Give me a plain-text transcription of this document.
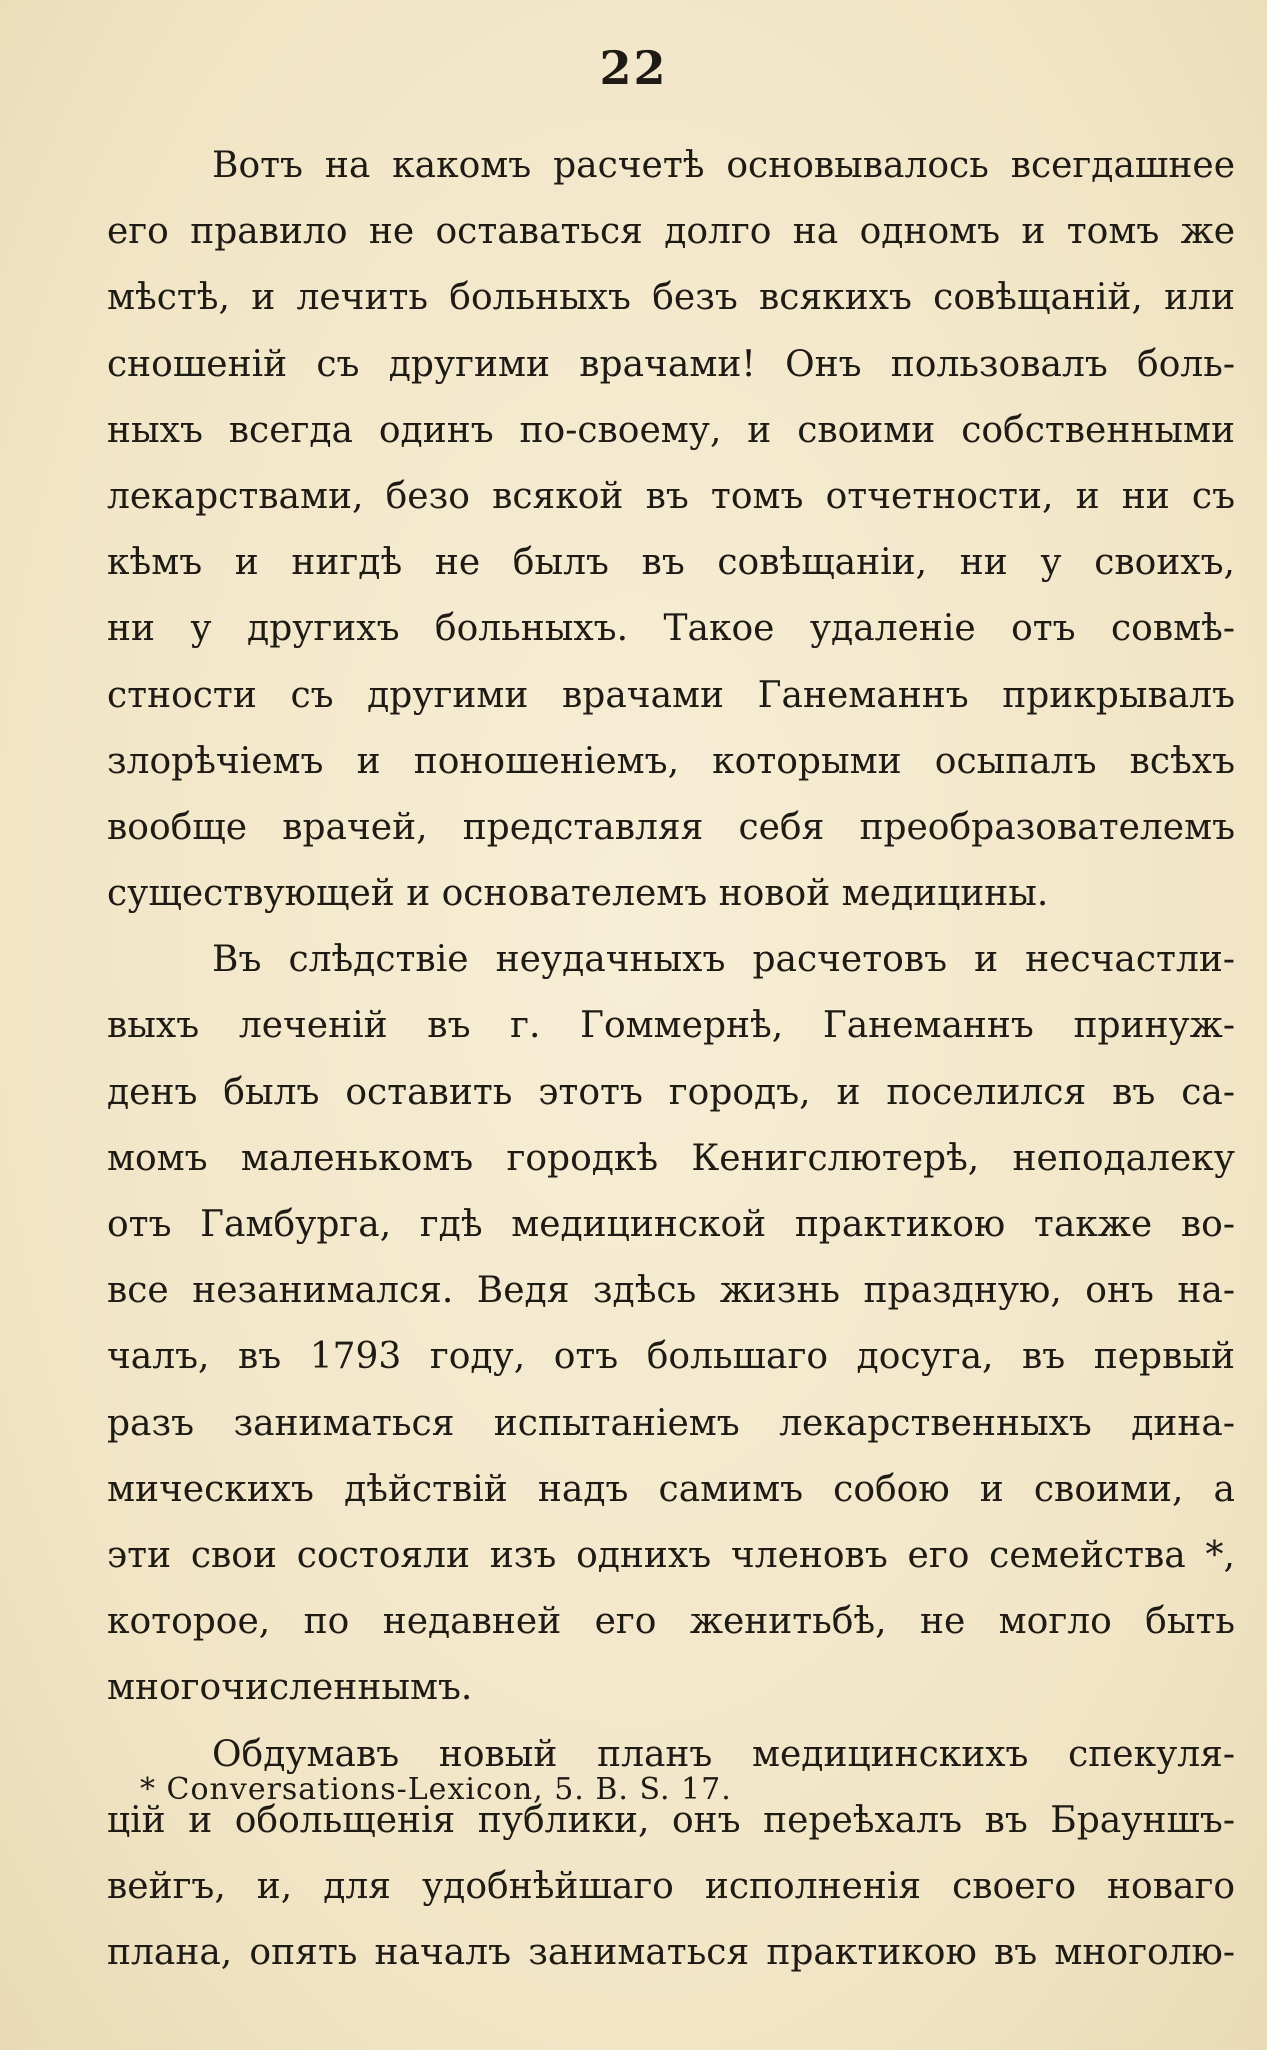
22
Вотъ на какомъ расчетѣ основывалось всегдашнее
его правило не оставаться долго на одномъ и томъ же
мѣстѣ, и лечить больныхъ безъ всякихъ совѣщаній, или
сношеній съ другими врачами! Онъ пользовалъ боль-
ныхъ всегда одинъ по-своему, и своими собственными
лекарствами, безо всякой въ томъ отчетности, и ни съ
кѣмъ и нигдѣ не былъ въ совѣщаніи, ни у своихъ,
ни у другихъ больныхъ. Такое удаленіе отъ совмѣ-
стности съ другими врачами Ганеманнъ прикрывалъ
злорѣчіемъ и поношеніемъ, которыми осыпалъ всѣхъ
вообще врачей, представляя себя преобразователемъ
существующей и основателемъ новой медицины.
Въ слѣдствіе неудачныхъ расчетовъ и несчастли-
выхъ леченій въ г. Гоммернѣ, Ганеманнъ принуж-
денъ былъ оставить этотъ городъ, и поселился въ са-
момъ маленькомъ городкѣ Кенигслютерѣ, неподалеку
отъ Гамбурга, гдѣ медицинской практикою также во-
все незанимался. Ведя здѣсь жизнь праздную, онъ на-
чалъ, въ 1793 году, отъ большаго досуга, въ первый
разъ заниматься испытаніемъ лекарственныхъ дина-
мическихъ дѣйствій надъ самимъ собою и своими, а
эти свои состояли изъ однихъ членовъ его семейства *,
которое, по недавней его женитьбѣ, не могло быть
многочисленнымъ.
Обдумавъ новый планъ медицинскихъ спекуля-
цій и обольщенія публики, онъ переѣхалъ въ Брауншъ-
вейгъ, и, для удобнѣйшаго исполненія своего новаго
плана, опять началъ заниматься практикою въ многолю-
* Conversations-Lexicon, 5. B. S. 17.
